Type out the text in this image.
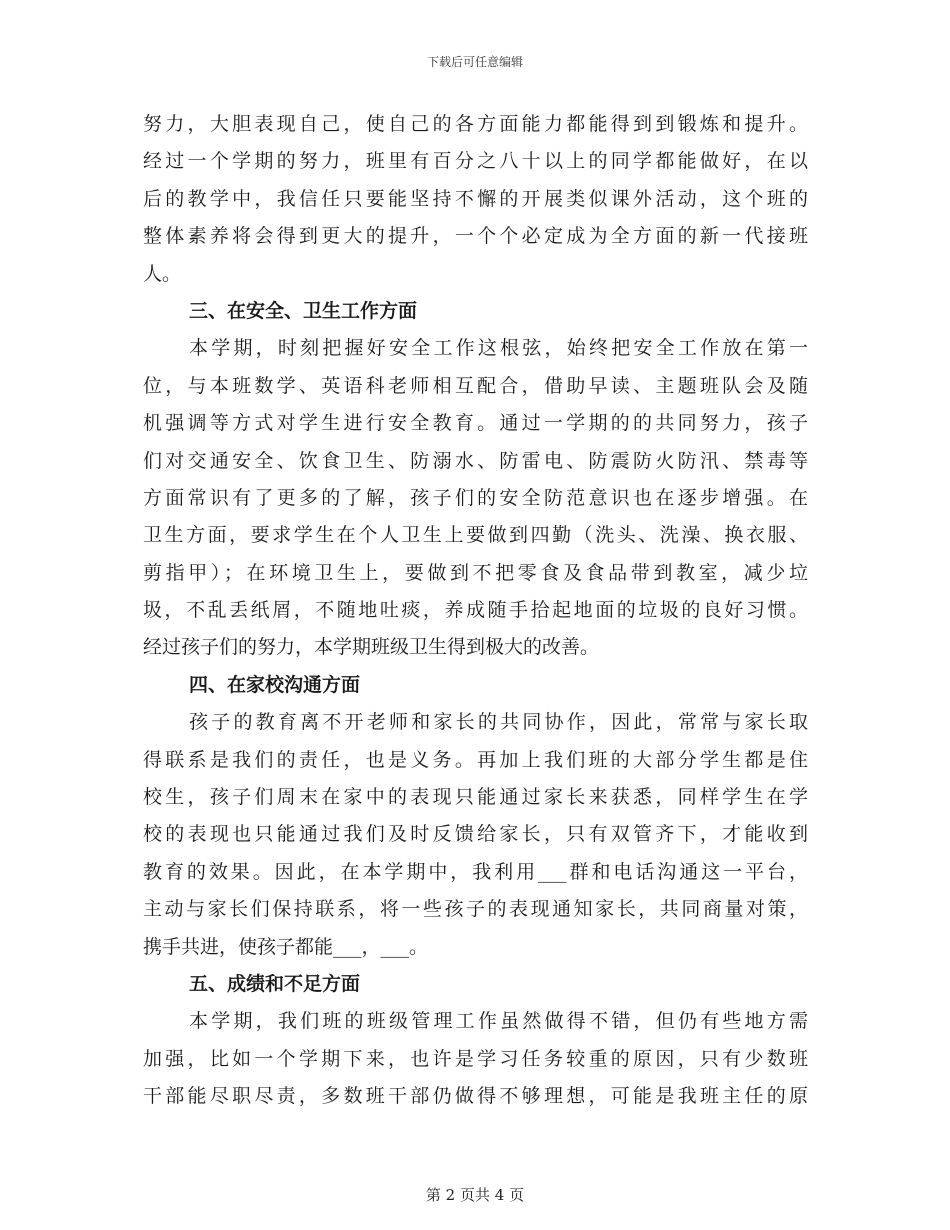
下载后可任意编辑
努力，大胆表现自己，使自己的各方面能力都能得到到锻炼和提升。
经过一个学期的努力，班里有百分之八十以上的同学都能做好，在以
后的教学中，我信任只要能坚持不懈的开展类似课外活动，这个班的
整体素养将会得到更大的提升，一个个必定成为全方面的新一代接班
人。
三、在安全、卫生工作方面
本学期，时刻把握好安全工作这根弦，始终把安全工作放在第一
位，与本班数学、英语科老师相互配合，借助早读、主题班队会及随
机强调等方式对学生进行安全教育。通过一学期的的共同努力，孩子
们对交通安全、饮食卫生、防溺水、防雷电、防震防火防汛、禁毒等
方面常识有了更多的了解，孩子们的安全防范意识也在逐步增强。在
卫生方面，要求学生在个人卫生上要做到四勤（洗头、洗澡、换衣服、
剪指甲）；在环境卫生上，要做到不把零食及食品带到教室，减少垃
圾，不乱丢纸屑，不随地吐痰，养成随手拾起地面的垃圾的良好习惯。
经过孩子们的努力，本学期班级卫生得到极大的改善。
四、在家校沟通方面
孩子的教育离不开老师和家长的共同协作，因此，常常与家长取
得联系是我们的责任，也是义务。再加上我们班的大部分学生都是住
校生，孩子们周末在家中的表现只能通过家长来获悉，同样学生在学
校的表现也只能通过我们及时反馈给家长，只有双管齐下，才能收到
教育的效果。因此，在本学期中，我利用___群和电话沟通这一平台，
主动与家长们保持联系，将一些孩子的表现通知家长，共同商量对策，
携手共进，使孩子都能___，___。
五、成绩和不足方面
本学期，我们班的班级管理工作虽然做得不错，但仍有些地方需
加强，比如一个学期下来，也许是学习任务较重的原因，只有少数班
干部能尽职尽责，多数班干部仍做得不够理想，可能是我班主任的原
第 2 页共 4 页
